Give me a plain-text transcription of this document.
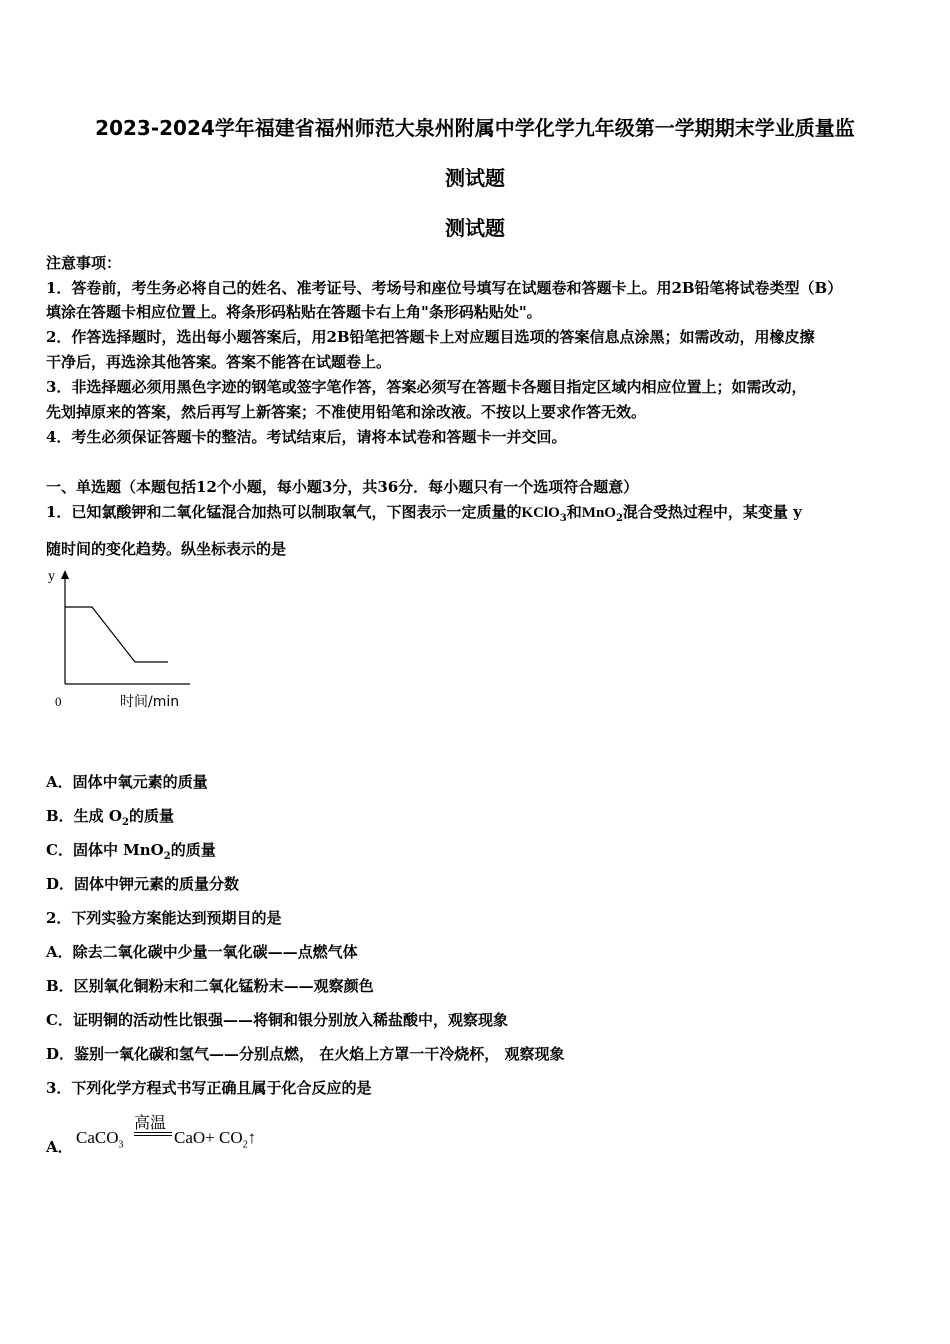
2023-2024学年福建省福州师范大泉州附属中学化学九年级第一学期期末学业质量监
测试题
测试题
注意事项：
1．答卷前，考生务必将自己的姓名、准考证号、考场号和座位号填写在试题卷和答题卡上。用2B铅笔将试卷类型（B）
填涂在答题卡相应位置上。将条形码粘贴在答题卡右上角"条形码粘贴处"。
2．作答选择题时，选出每小题答案后，用2B铅笔把答题卡上对应题目选项的答案信息点涂黑；如需改动，用橡皮擦
干净后，再选涂其他答案。答案不能答在试题卷上。
3．非选择题必须用黑色字迹的钢笔或签字笔作答，答案必须写在答题卡各题目指定区域内相应位置上；如需改动，
先划掉原来的答案，然后再写上新答案；不准使用铅笔和涂改液。不按以上要求作答无效。
4．考生必须保证答题卡的整洁。考试结束后，请将本试卷和答题卡一并交回。
一、单选题（本题包括12个小题，每小题3分，共36分．每小题只有一个选项符合题意）
1．已知氯酸钾和二氧化锰混合加热可以制取氧气，下图表示一定质量的KClO$_3$和MnO$_2$混合受热过程中，某变量 y
随时间的变化趋势。纵坐标表示的是
y
0	时间/min
A．固体中氧元素的质量
B．生成 $O_2$的质量
C．固体中 MnO$_2$的质量
D．固体中钾元素的质量分数
2．下列实验方案能达到预期目的是
A．除去二氧化碳中少量一氧化碳——点燃气体
B．区别氧化铜粉末和二氧化锰粉末——观察颜色
C．证明铜的活动性比银强——将铜和银分别放入稀盐酸中，观察现象
D．鉴别一氧化碳和氢气——分别点燃， 在火焰上方罩一干冷烧杯， 观察现象
3．下列化学方程式书写正确且属于化合反应的是
A． CaCO$_3$
高温
$CaO+ CO_2↑$
